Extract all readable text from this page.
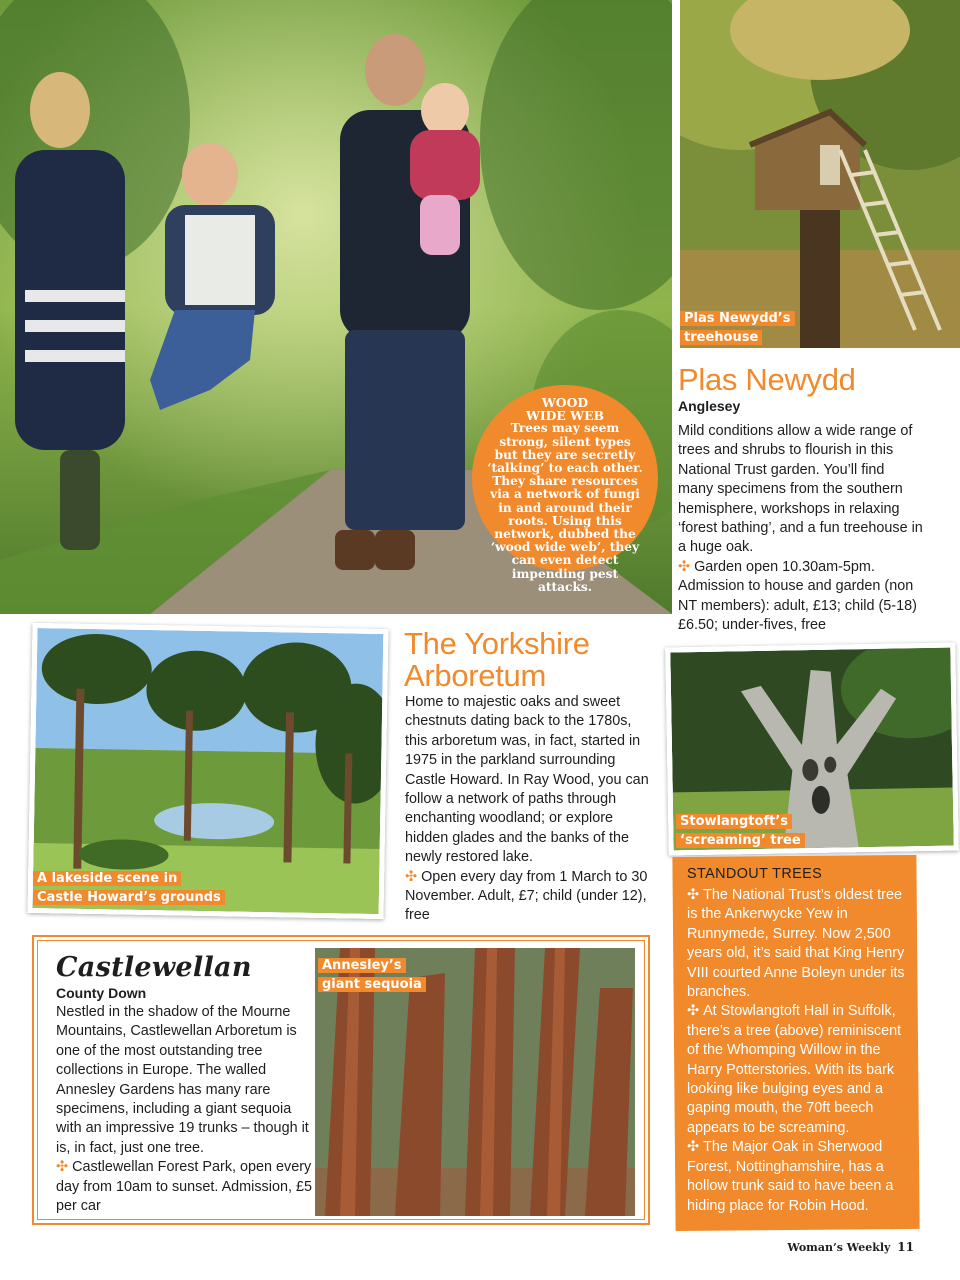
WOOD
WIDE WEB
Trees may seem strong, silent types but they are secretly ‘talking’ to each other. They share resources via a network of fungi in and around their roots. Using this network, dubbed the ‘wood wide web’, they can even detect impending pest attacks.
Plas Newydd’s
treehouse
Plas Newydd
Anglesey

Mild conditions allow a wide range of trees and shrubs to flourish in this National Trust garden. You’ll find many specimens from the southern hemisphere, workshops in relaxing ‘forest bathing’, and a fun treehouse in a huge oak.

✣ Garden open 10.30am-5pm. Admission to house and garden (non NT members): adult, £13; child (5-18) £6.50; under-fives, free

A lakeside scene in
Castle Howard’s grounds
The Yorkshire
Arboretum

Home to majestic oaks and sweet chestnuts dating back to the 1780s, this arboretum was, in fact, started in 1975 in the parkland surrounding Castle Howard. In Ray Wood, you can follow a network of paths through enchanting woodland; or explore hidden glades and the banks of the newly restored lake.

✣ Open every day from 1 March to 30 November. Adult, £7; child (under 12), free

Stowlangtoft’s
‘screaming’ tree
STANDOUT TREES

✣ The National Trust’s oldest tree is the Ankerwycke Yew in Runnymede, Surrey. Now 2,500 years old, it’s said that King Henry VIII courted Anne Boleyn under its branches.

✣ At Stowlangtoft Hall in Suffolk, there’s a tree (above) reminiscent of the Whomping Willow in the Harry Potterstories. With its bark looking like bulging eyes and a gaping mouth, the 70ft beech appears to be screaming.

✣ The Major Oak in Sherwood Forest, Nottinghamshire, has a hollow trunk said to have been a hiding place for Robin Hood.

Castlewellan
County Down

Nestled in the shadow of the Mourne Mountains, Castlewellan Arboretum is one of the most outstanding tree collections in Europe. The walled Annesley Gardens has many rare specimens, including a giant sequoia with an impressive 19 trunks – though it is, in fact, just one tree.

✣ Castlewellan Forest Park, open every day from 10am to sunset. Admission, £5 per car

Annesley’s
giant sequoia
Woman’s Weekly 11
